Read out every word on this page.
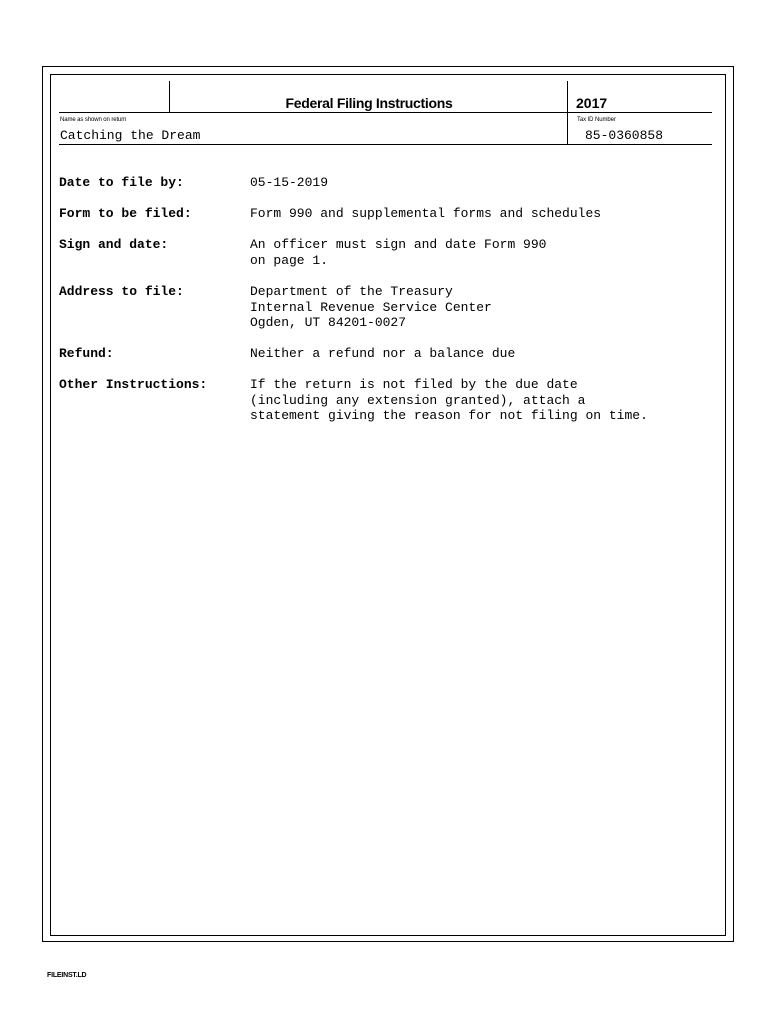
Federal Filing Instructions	2017
Name as shown on return
Catching the Dream
Tax ID Number
85-0360858
Date to file by:	05-15-2019
Form to be filed:	Form 990 and supplemental forms and schedules
Sign and date:	An officer must sign and date Form 990
on page 1.
Address to file:	Department of the Treasury
Internal Revenue Service Center
Ogden, UT 84201-0027
Refund:	Neither a refund nor a balance due
Other Instructions:	If the return is not filed by the due date
(including any extension granted), attach a
statement giving the reason for not filing on time.
FILEINST.LD
